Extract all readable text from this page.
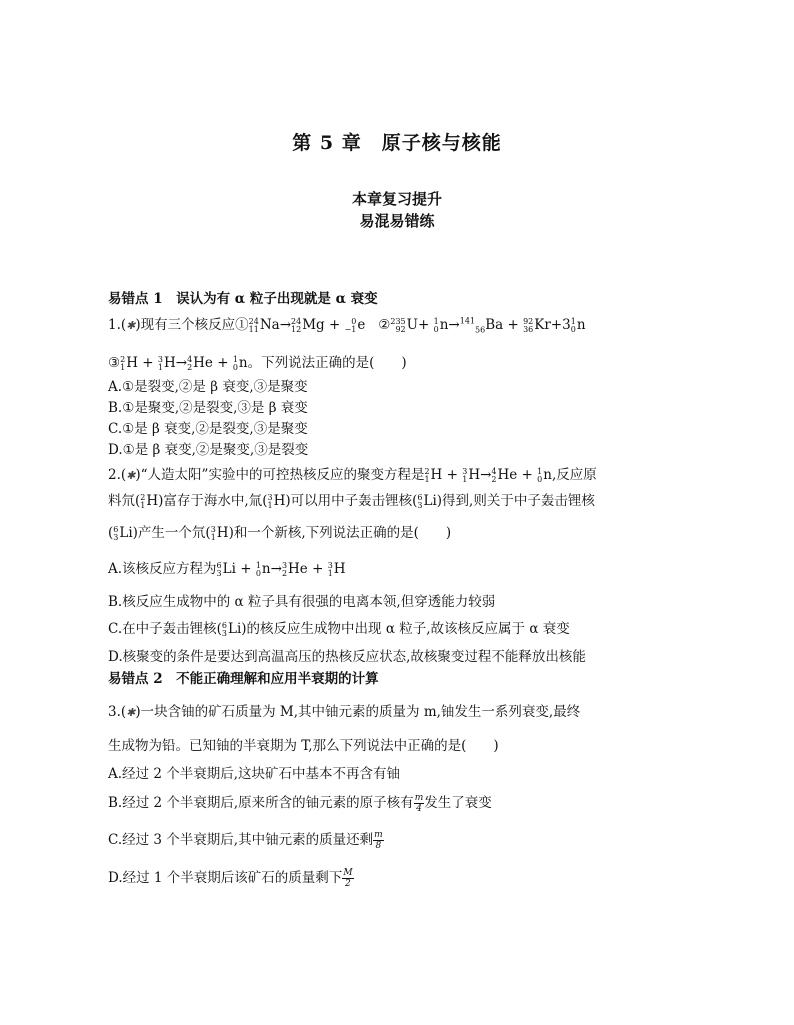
第 5 章　原子核与核能
本章复习提升
易混易错练
易错点 1　误认为有 α 粒子出现就是 α 衰变
1.(✱)现有三个核反应① 24
11 Na→ 24
12 Mg + 0
−1 e ② 235
92 U+ 1
0 n→$^{141}_{56}$Ba + 92
36 Kr+3 1
0 n
③ 2
1 H + 3
1 H→ 4
2 He + 1
0 n。下列说法正确的是(　　)
A.①是裂变,②是 β 衰变,③是聚变
B.①是聚变,②是裂变,③是 β 衰变
C.①是 β 衰变,②是裂变,③是聚变
D.①是 β 衰变,②是聚变,③是裂变
2.(✱)“人造太阳”实验中的可控热核反应的聚变方程是 2
1 H + 3
1 H→ 4
2 He + 1
0 n,反应原
料氘( 2
1 H)富存于海水中,氚( 3
1 H)可以用中子轰击锂核( 6
3 Li)得到,则关于中子轰击锂核
( 6
3 Li)产生一个氘( 3
1 H)和一个新核,下列说法正确的是(　　)
A.该核反应方程为 6
3 Li + 1
0 n→ 3
2 He + 3
1 H
B.核反应生成物中的 α 粒子具有很强的电离本领,但穿透能力较弱
C.在中子轰击锂核( 6
3 Li)的核反应生成物中出现 α 粒子,故该核反应属于 α 衰变
D.核聚变的条件是要达到高温高压的热核反应状态,故核聚变过程不能释放出核能
易错点 2　不能正确理解和应用半衰期的计算
3.(✱)一块含铀的矿石质量为 M,其中铀元素的质量为 m,铀发生一系列衰变,最终
生成物为铅。已知铀的半衰期为 T,那么下列说法中正确的是(　　)
A.经过 2 个半衰期后,这块矿石中基本不再含有铀
B.经过 2 个半衰期后,原来所含的铀元素的原子核有 $\frac{m}{4}$ 发生了衰变
C.经过 3 个半衰期后,其中铀元素的质量还剩 $\frac{m}{8}$
D.经过 1 个半衰期后该矿石的质量剩下 $\frac{M}{2}$
